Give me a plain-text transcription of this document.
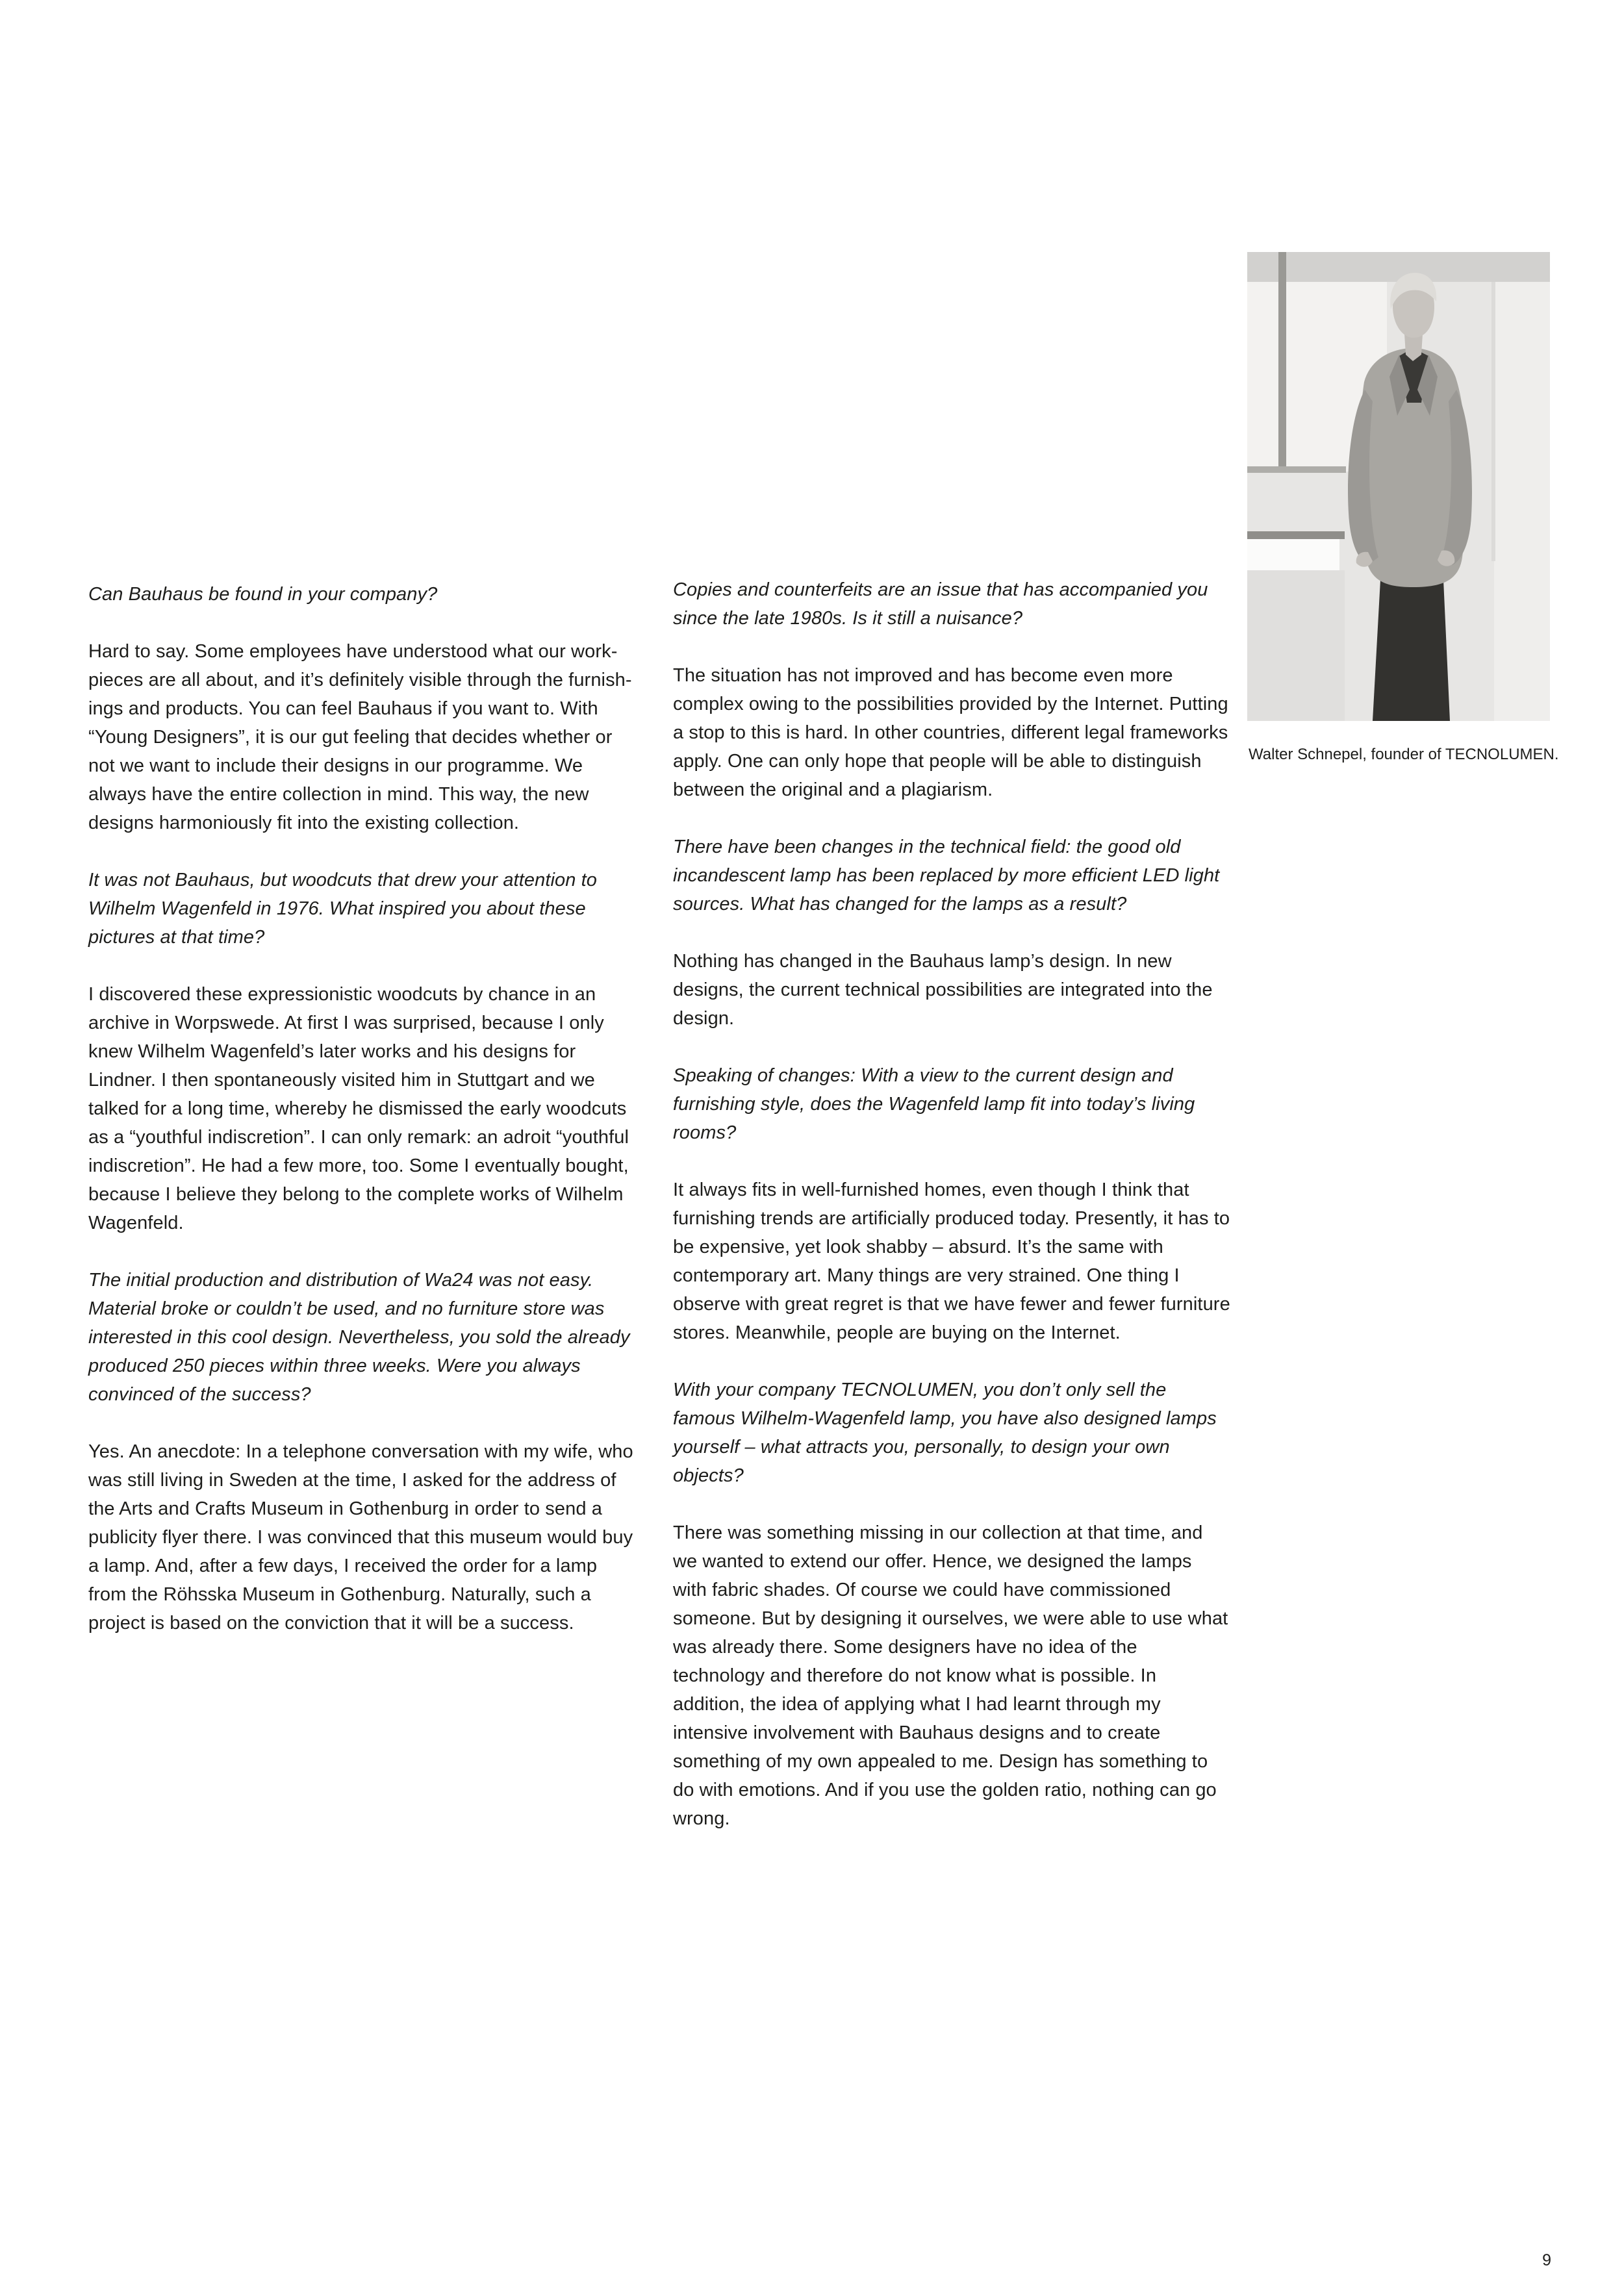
Walter Schnepel, founder of TECNOLUMEN.

Can Bauhaus be found in your company?

Hard to say. Some employees have understood what our workpieces are all about, and it’s definitely visible through the furnishings and products. You can feel Bauhaus if you want to. With “Young Designers”, it is our gut feeling that decides whether or not we want to include their designs in our programme. We always have the entire collection in mind. This way, the new designs harmoniously fit into the existing collection.

It was not Bauhaus, but woodcuts that drew your attention to Wilhelm Wagenfeld in 1976. What inspired you about these pictures at that time?

I discovered these expressionistic woodcuts by chance in an archive in Worpswede. At first I was surprised, because I only knew Wilhelm Wagenfeld’s later works and his designs for Lindner. I then spontaneously visited him in Stuttgart and we talked for a long time, whereby he dismissed the early woodcuts as a “youthful indiscretion”. I can only remark: an adroit “youthful indiscretion”. He had a few more, too. Some I eventually bought, because I believe they belong to the complete works of Wilhelm Wagenfeld.

The initial production and distribution of Wa24 was not easy. Material broke or couldn’t be used, and no furniture store was interested in this cool design. Nevertheless, you sold the already produced 250 pieces within three weeks. Were you always convinced of the success?

Yes. An anecdote: In a telephone conversation with my wife, who was still living in Sweden at the time, I asked for the address of the Arts and Crafts Museum in Gothenburg in order to send a publicity flyer there. I was convinced that this museum would buy a lamp. And, after a few days, I received the order for a lamp from the Röhsska Museum in Gothenburg. Naturally, such a project is based on the conviction that it will be a success.

Copies and counterfeits are an issue that has accompanied you since the late 1980s. Is it still a nuisance?

The situation has not improved and has become even more complex owing to the possibilities provided by the Internet. Putting a stop to this is hard. In other countries, different legal frameworks apply. One can only hope that people will be able to distinguish between the original and a plagiarism.

There have been changes in the technical field: the good old incandescent lamp has been replaced by more efficient LED light sources. What has changed for the lamps as a result?

Nothing has changed in the Bauhaus lamp’s design. In new designs, the current technical possibilities are integrated into the design.

Speaking of changes: With a view to the current design and furnishing style, does the Wagenfeld lamp fit into today’s living rooms?

It always fits in well-furnished homes, even though I think that furnishing trends are artificially produced today. Presently, it has to be expensive, yet look shabby – absurd. It’s the same with contemporary art. Many things are very strained. One thing I observe with great regret is that we have fewer and fewer furniture stores. Meanwhile, people are buying on the Internet.

With your company TECNOLUMEN, you don’t only sell the famous Wilhelm-Wagenfeld lamp, you have also designed lamps yourself – what attracts you, personally, to design your own objects?

There was something missing in our collection at that time, and we wanted to extend our offer. Hence, we designed the lamps with fabric shades. Of course we could have commissioned someone. But by designing it ourselves, we were able to use what was already there. Some designers have no idea of the technology and therefore do not know what is possible. In addition, the idea of applying what I had learnt through my intensive involvement with Bauhaus designs and to create something of my own appealed to me. Design has something to do with emotions. And if you use the golden ratio, nothing can go wrong.

9
